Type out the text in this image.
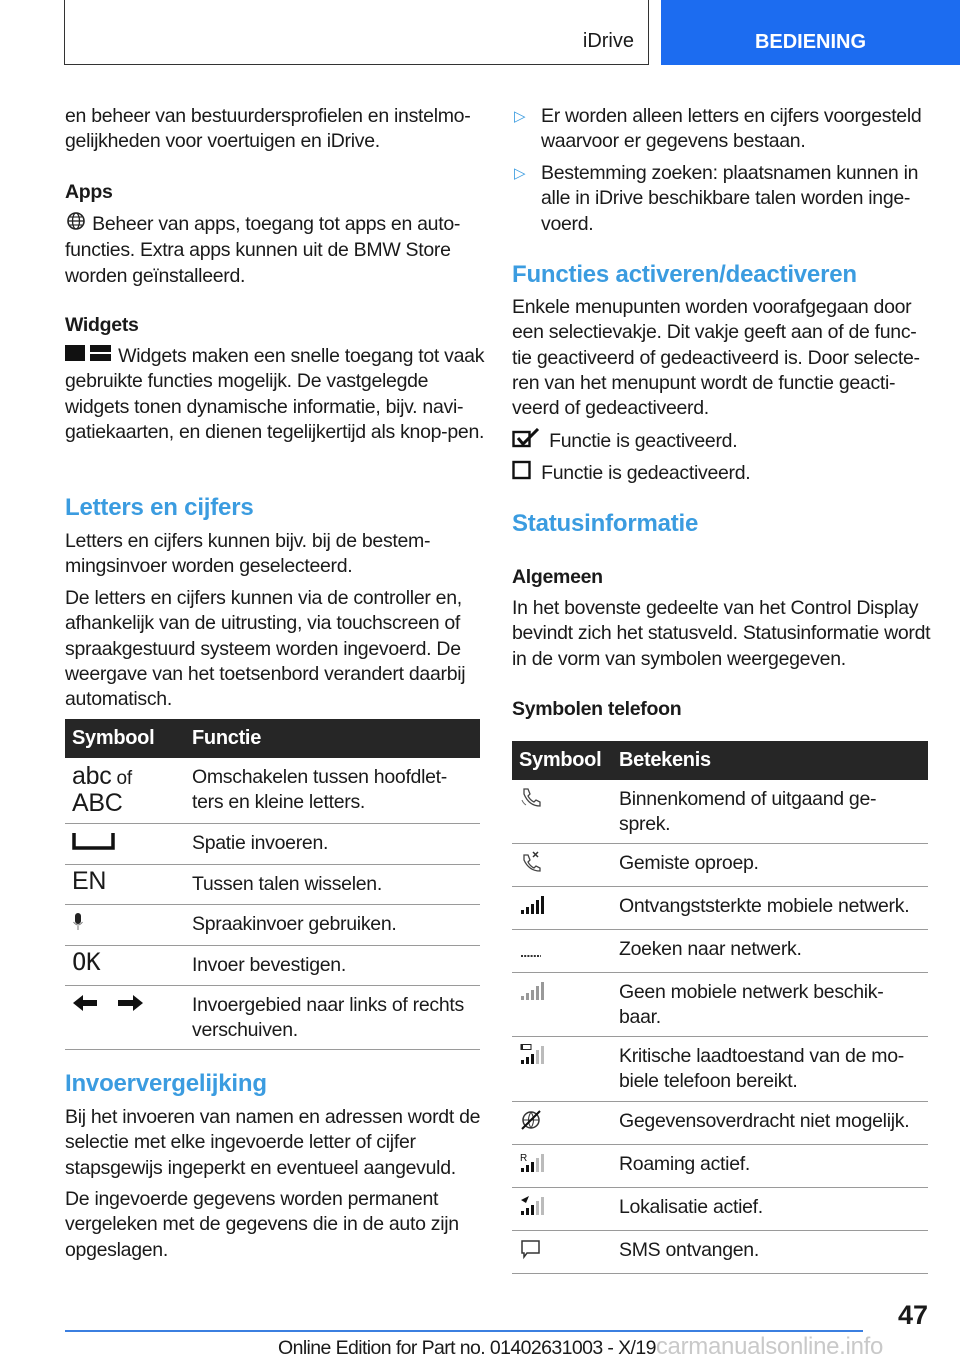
iDrive	BEDIENING
en beheer van bestuurdersprofielen en instelmo-gelijkheden voor voertuigen en iDrive.
Apps
Beheer van apps, toegang tot apps en auto-functies. Extra apps kunnen uit de BMW Store worden geïnstalleerd.
Widgets
Widgets maken een snelle toegang tot vaak gebruikte functies mogelijk. De vastgelegde widgets tonen dynamische informatie, bijv. navi-gatiekaarten, en dienen tegelijkertijd als knop-pen.
Letters en cijfers
Letters en cijfers kunnen bijv. bij de bestem-mingsinvoer worden geselecteerd.
De letters en cijfers kunnen via de controller en, afhankelijk van de uitrusting, via touchscreen of spraakgestuurd systeem worden ingevoerd. De weergave van het toetsenbord verandert daarbij automatisch.
Symbool	Functie
abc of
ABC	Omschakelen tussen hoofdlet-ters en kleine letters.
	Spatie invoeren.
EN	Tussen talen wisselen.
	Spraakinvoer gebruiken.
OK	Invoer bevestigen.
	Invoergebied naar links of rechts verschuiven.
Invoervergelijking
Bij het invoeren van namen en adressen wordt de selectie met elke ingevoerde letter of cijfer stapsgewijs ingeperkt en eventueel aangevuld.
De ingevoerde gegevens worden permanent vergeleken met de gegevens die in de auto zijn opgeslagen.
▷ Er worden alleen letters en cijfers voorgesteld waarvoor er gegevens bestaan.
▷ Bestemming zoeken: plaatsnamen kunnen in alle in iDrive beschikbare talen worden inge-voerd.
Functies activeren/deactiveren
Enkele menupunten worden voorafgegaan door een selectievakje. Dit vakje geeft aan of de func-tie geactiveerd of gedeactiveerd is. Door selecte-ren van het menupunt wordt de functie geacti-veerd of gedeactiveerd.
Functie is geactiveerd.
Functie is gedeactiveerd.
Statusinformatie
Algemeen
In het bovenste gedeelte van het Control Display bevindt zich het statusveld. Statusinformatie wordt in de vorm van symbolen weergegeven.
Symbolen telefoon
Symbool	Betekenis
	Binnenkomend of uitgaand ge-sprek.
	Gemiste oproep.
	Ontvangststerkte mobiele netwerk.
	Zoeken naar netwerk.
	Geen mobiele netwerk beschik-baar.
	Kritische laadtoestand van de mo-biele telefoon bereikt.
	Gegevensoverdracht niet mogelijk.

R	Roaming actief.
	Lokalisatie actief.
	SMS ontvangen.
47
Online Edition for Part no. 01402631003 - X/19carmanualsonline.info
